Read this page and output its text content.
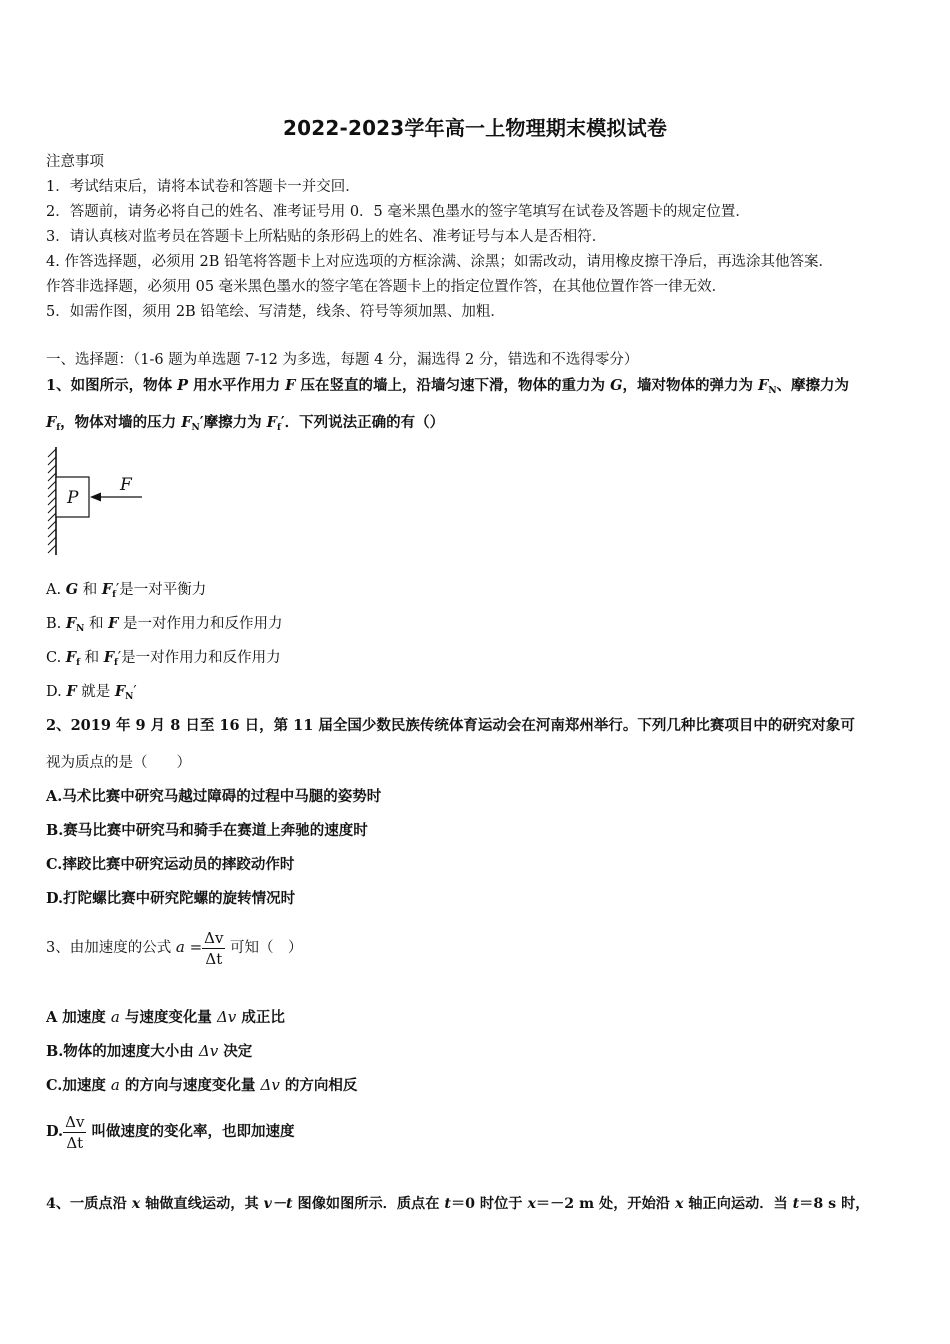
2022-2023学年高一上物理期末模拟试卷
注意事项
1．考试结束后，请将本试卷和答题卡一并交回．
2．答题前，请务必将自己的姓名、准考证号用 0．5 毫米黑色墨水的签字笔填写在试卷及答题卡的规定位置．
3．请认真核对监考员在答题卡上所粘贴的条形码上的姓名、准考证号与本人是否相符．
4. 作答选择题，必须用 2B 铅笔将答题卡上对应选项的方框涂满、涂黑；如需改动，请用橡皮擦干净后，再选涂其他答案．
作答非选择题，必须用 05 毫米黑色墨水的签字笔在答题卡上的指定位置作答，在其他位置作答一律无效．
5．如需作图，须用 2B 铅笔绘、写清楚，线条、符号等须加黑、加粗．
一、选择题：（1-6 题为单选题 7-12 为多选，每题 4 分，漏选得 2 分，错选和不选得零分）
1、如图所示，物体 P 用水平作用力 F 压在竖直的墙上，沿墙匀速下滑，物体的重力为 G，墙对物体的弹力为 $F_N$、摩擦力为
$F_f$，物体对墙的压力 $F_N'$摩擦力为 $F_f'$．下列说法正确的有（）
P
F
A. G 和 $F_f'$是一对平衡力
B. $F_N$ 和 F 是一对作用力和反作用力
C. $F_f$ 和 $F_f'$是一对作用力和反作用力
D. F 就是 $F_N'$
2、2019 年 9 月 8 日至 16 日，第 11 届全国少数民族传统体育运动会在河南郑州举行。下列几种比赛项目中的研究对象可
视为质点的是（　　）
A.马术比赛中研究马越过障碍的过程中马腿的姿势时
B.赛马比赛中研究马和骑手在赛道上奔驰的速度时
C.摔跤比赛中研究运动员的摔跤动作时
D.打陀螺比赛中研究陀螺的旋转情况时
3、由加速度的公式 $a = \frac{\Delta v}{\Delta t}$ 可知（　）
A 加速度 a 与速度变化量 Δv 成正比
B.物体的加速度大小由 Δv 决定
C.加速度 a 的方向与速度变化量 Δv 的方向相反
D. $\frac{\Delta v}{\Delta t}$ 叫做速度的变化率，也即加速度
4、一质点沿 x 轴做直线运动，其 v－t 图像如图所示．质点在 t＝0 时位于 x＝－2 m 处，开始沿 x 轴正向运动．当 t＝8 s 时，
